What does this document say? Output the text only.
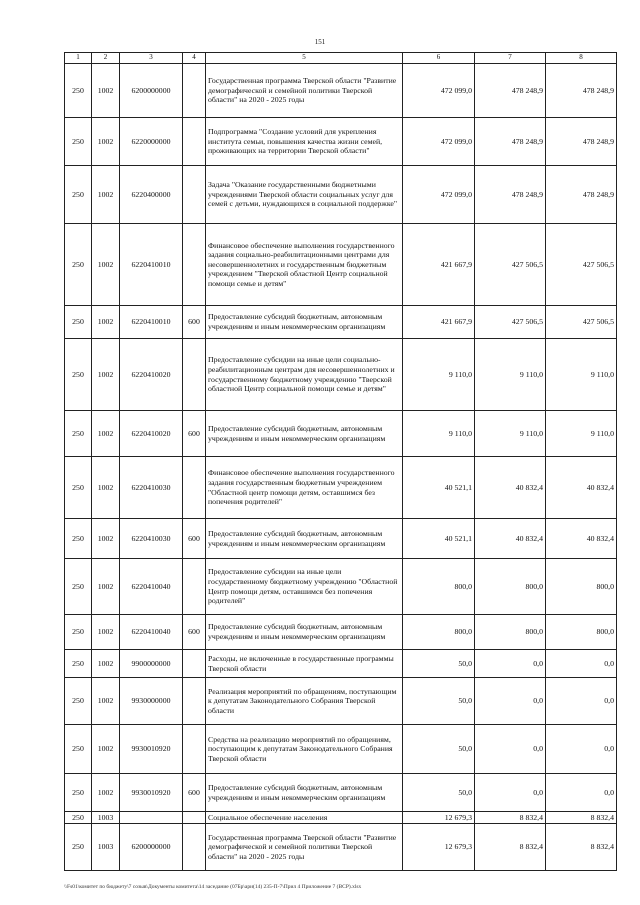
151
1	2	3	4	5	6	7	8
250	1002	6200000000		Государственная программа Тверской области "Развитие демографической и семейной политики Тверской области" на 2020 - 2025 годы	472 099,0	478 248,9	478 248,9
250	1002	6220000000		Подпрограмма "Создание условий для укрепления института семьи, повышения качества жизни семей, проживающих на территории Тверской области"	472 099,0	478 248,9	478 248,9
250	1002	6220400000		Задача "Оказание государственными бюджетными учреждениями Тверской области социальных услуг для семей с детьми, нуждающихся в социальной поддержке"	472 099,0	478 248,9	478 248,9
250	1002	6220410010		Финансовое обеспечение выполнения государственного задания социально-реабилитационными центрами для несовершеннолетних и государственным бюджетным учреждением "Тверской областной Центр социальной помощи семье и детям"	421 667,9	427 506,5	427 506,5
250	1002	6220410010	600	Предоставление субсидий бюджетным, автономным учреждениям и иным некоммерческим организациям	421 667,9	427 506,5	427 506,5
250	1002	6220410020		Предоставление субсидии на иные цели социально-реабилитационным центрам для несовершеннолетних и государственному бюджетному учреждению "Тверской областной Центр социальной помощи семье и детям"	9 110,0	9 110,0	9 110,0
250	1002	6220410020	600	Предоставление субсидий бюджетным, автономным учреждениям и иным некоммерческим организациям	9 110,0	9 110,0	9 110,0
250	1002	6220410030		Финансовое обеспечение выполнения государственного задания государственным бюджетным учреждением "Областной центр помощи детям, оставшимся без попечения родителей"	40 521,1	40 832,4	40 832,4
250	1002	6220410030	600	Предоставление субсидий бюджетным, автономным учреждениям и иным некоммерческим организациям	40 521,1	40 832,4	40 832,4
250	1002	6220410040		Предоставление субсидии на иные цели государственному бюджетному учреждению "Областной Центр помощи детям, оставшимся без попечения родителей"	800,0	800,0	800,0
250	1002	6220410040	600	Предоставление субсидий бюджетным, автономным учреждениям и иным некоммерческим организациям	800,0	800,0	800,0
250	1002	9900000000		Расходы, не включенные в государственные программы Тверской области	50,0	0,0	0,0
250	1002	9930000000		Реализация мероприятий по обращениям, поступающим к депутатам Законодательного Собрания Тверской области	50,0	0,0	0,0
250	1002	9930010920		Средства на реализацию мероприятий по обращениям, поступающим к депутатам Законодательного Собрания Тверской области	50,0	0,0	0,0
250	1002	9930010920	600	Предоставление субсидий бюджетным, автономным учреждениям и иным некоммерческим организациям	50,0	0,0	0,0
250	1003			Социальное обеспечение населения	12 679,3	8 832,4	8 832,4
250	1003	6200000000		Государственная программа Тверской области "Развитие демографической и семейной политики Тверской области" на 2020 - 2025 годы	12 679,3	8 832,4	8 832,4
\\Fs01\комитет по бюджету\7 созыв\Документы комитета\14 заседание (07Бр\ари(14) 235-П-7\Прил 4 Приложение 7 (ВСР).xlsx
